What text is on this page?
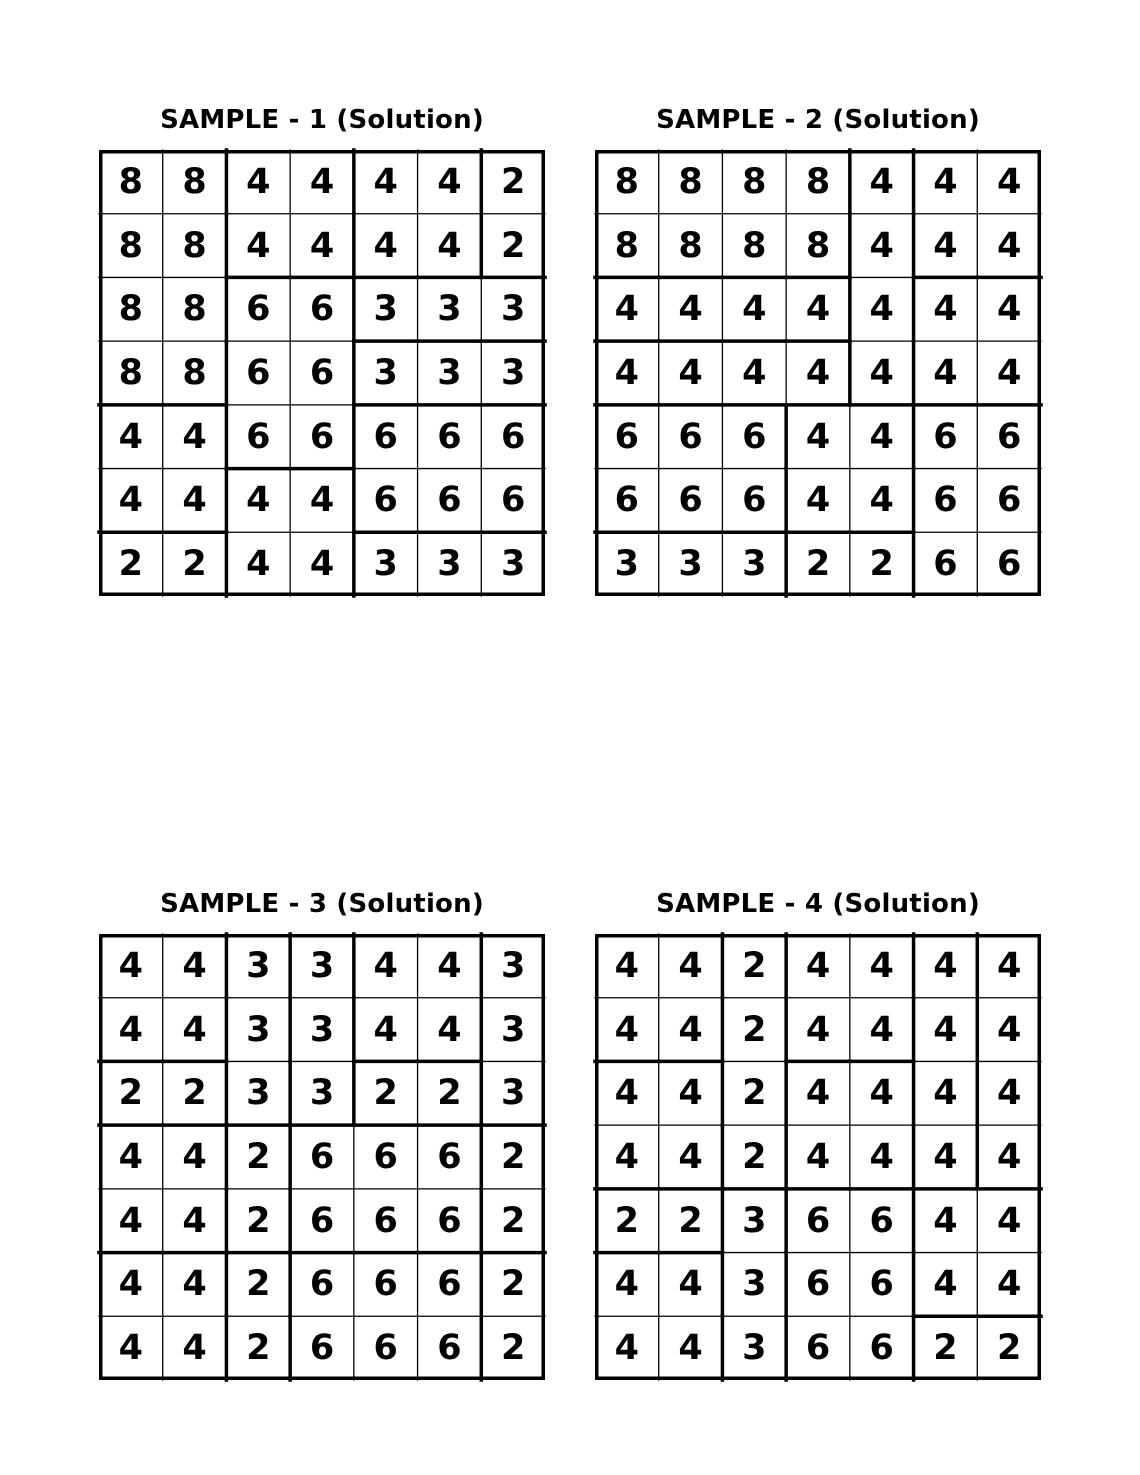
SAMPLE - 1 (Solution)
8	8	4	4	4	4	2
8	8	4	4	4	4	2
8	8	6	6	3	3	3
8	8	6	6	3	3	3
4	4	6	6	6	6	6
4	4	4	4	6	6	6
2	2	4	4	3	3	3
SAMPLE - 2 (Solution)
8	8	8	8	4	4	4
8	8	8	8	4	4	4
4	4	4	4	4	4	4
4	4	4	4	4	4	4
6	6	6	4	4	6	6
6	6	6	4	4	6	6
3	3	3	2	2	6	6
SAMPLE - 3 (Solution)
4	4	3	3	4	4	3
4	4	3	3	4	4	3
2	2	3	3	2	2	3
4	4	2	6	6	6	2
4	4	2	6	6	6	2
4	4	2	6	6	6	2
4	4	2	6	6	6	2
SAMPLE - 4 (Solution)
4	4	2	4	4	4	4
4	4	2	4	4	4	4
4	4	2	4	4	4	4
4	4	2	4	4	4	4
2	2	3	6	6	4	4
4	4	3	6	6	4	4
4	4	3	6	6	2	2
